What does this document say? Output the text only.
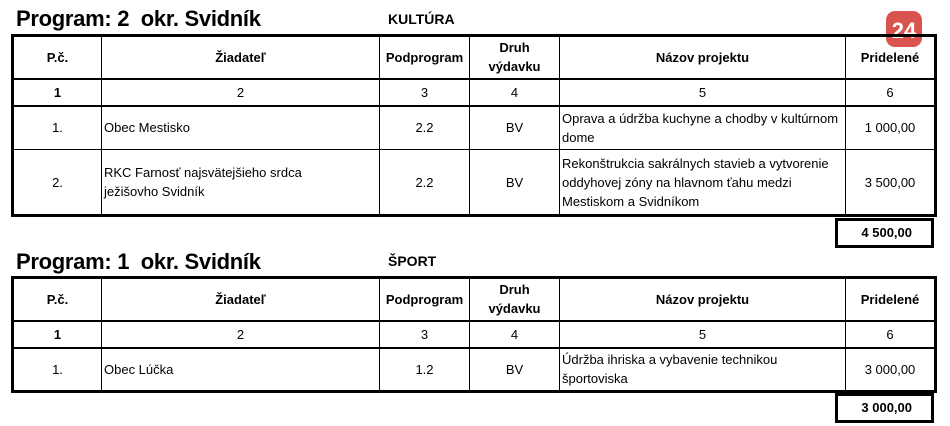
Program: 2  okr. Svidník	KULTÚRA	24
P.č.	Žiadateľ	Podprogram	Druh výdavku	Názov projektu	Pridelené
1	2	3	4	5	6
1.	Obec Mestisko	2.2	BV	Oprava a údržba kuchyne a chodby v kultúrnom dome	1 000,00
2.	RKC Farnosť najsvätejšieho srdca ježišovho Svidník	2.2	BV	Rekonštrukcia sakrálnych stavieb a vytvorenie oddyhovej zóny na hlavnom ťahu medzi Mestiskom a Svidníkom	3 500,00
4 500,00
Program: 1  okr. Svidník	ŠPORT
P.č.	Žiadateľ	Podprogram	Druh výdavku	Názov projektu	Pridelené
1	2	3	4	5	6
1.	Obec Lúčka	1.2	BV	Údržba ihriska a vybavenie technikou športoviska	3 000,00
3 000,00
